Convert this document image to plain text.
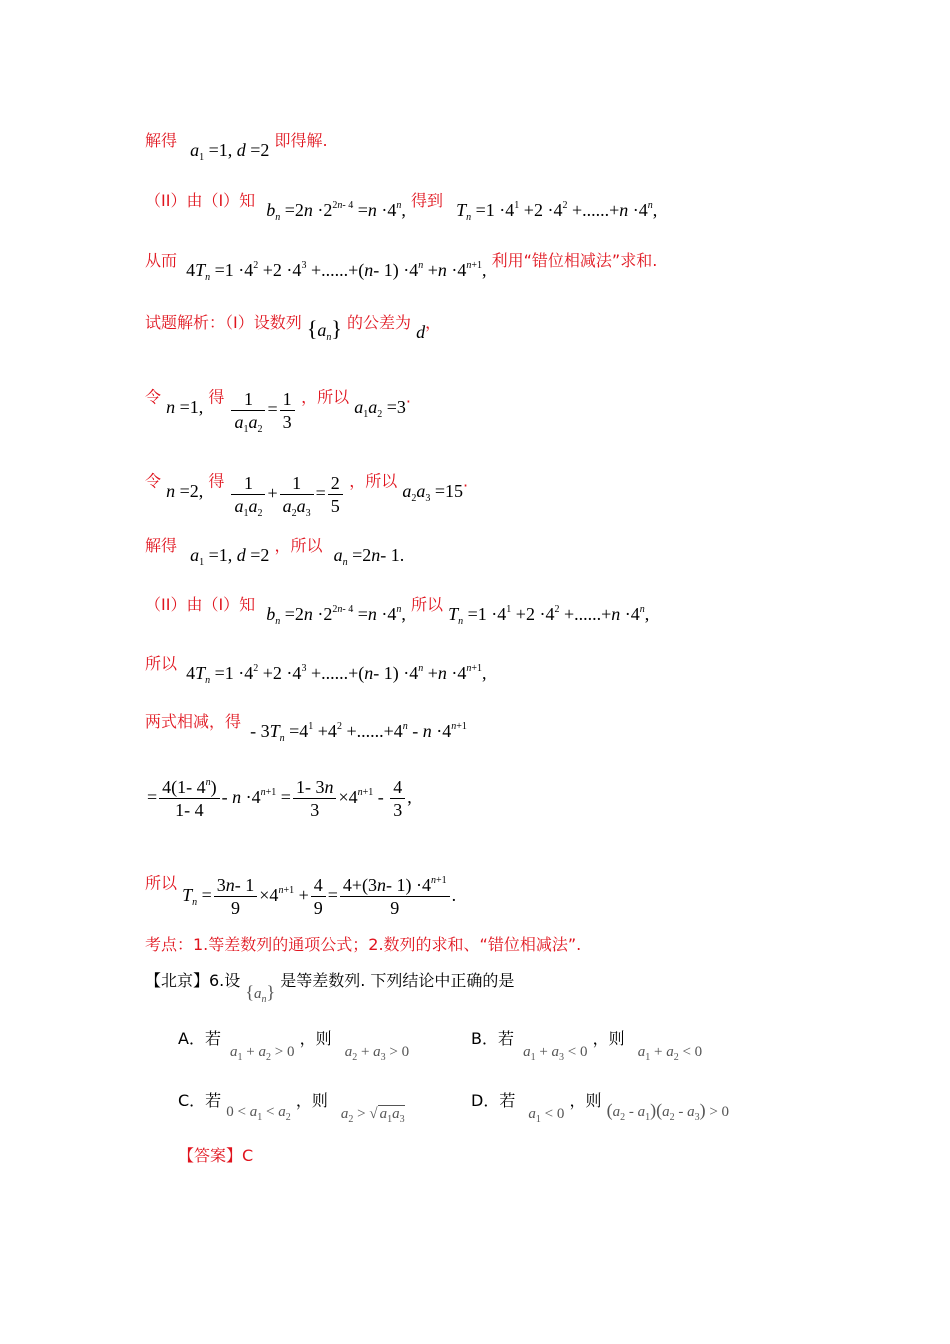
解得 $a_1 =1$, d =2 即得解.
（II）由（I）知 $b_n =2n \cdot 2^{2n- 4} =n \cdot 4^n$, 得到 $T_n =1 \cdot 4^1 +2 \cdot 4^2 +......+n \cdot 4^n$,
从而 $4T_n =1 \cdot 4^2 +2 \cdot 4^3 +......+(n-$ $1) \cdot 4^n +n \cdot 4^{n+1}$, 利用“错位相减法”求和.
试题解析：（I）设数列 $\{a_n\}$ 的公差为 d，
令 n =1, 得 $\frac{1}{a_1a_2} = \frac{1}{3}$ ，所以 $a_1a_2 =3$.
令 n =2, 得 $\frac{1}{a_1a_2} + \frac{1}{a_2a_3} = \frac{2}{5}$ ，所以 $a_2a_3 =15$.
解得 $a_1 =1$, d =2 ，所以 $a_n =2n-$ 1.
（II）由（I）知 $b_n =2n \cdot 2^{2n- 4} =n \cdot 4^n$, 所以 $T_n =1 \cdot 4^1 +2 \cdot 4^2 +......+n \cdot 4^n$,
所以 $4T_n =1 \cdot 4^2 +2 \cdot 4^3 +......+(n-$ $1) \cdot 4^n +n \cdot 4^{n+1}$,
两式相减，得 - $3T_n =4^1 +4^2 +......+4^n - n \cdot 4^{n+1}$
= $\frac{4(1- 4^n)}{1- 4} - n \cdot 4^{n+1} = \frac{1- 3n}{3} \times 4^{n+1} - \frac{4}{3}$ ,
所以 $T_n = \frac{3n- 1}{9} \times 4^{n+1} + \frac{4}{9} = \frac{4+(3n- 1) \cdot 4^{n+1}}{9}$ .
考点：1.等差数列的通项公式；2.数列的求和、“错位相减法”.
【北京】6.设 $\{a_n\}$ 是等差数列. 下列结论中正确的是
A．若 $a_1 + a_2 > 0$ ，则 $a_2 + a_3 > 0$
B．若 $a_1 + a_3 < 0$ ，则 $a_1 + a_2 < 0$
C．若 $0 < a_1 < a_2$ ，则 $a_2$ > √ $a_1a_3$
D．若 $a_1 < 0$ ，则 $(a_2 - a_1)(a_2 - a_3) > 0$
【答案】C
